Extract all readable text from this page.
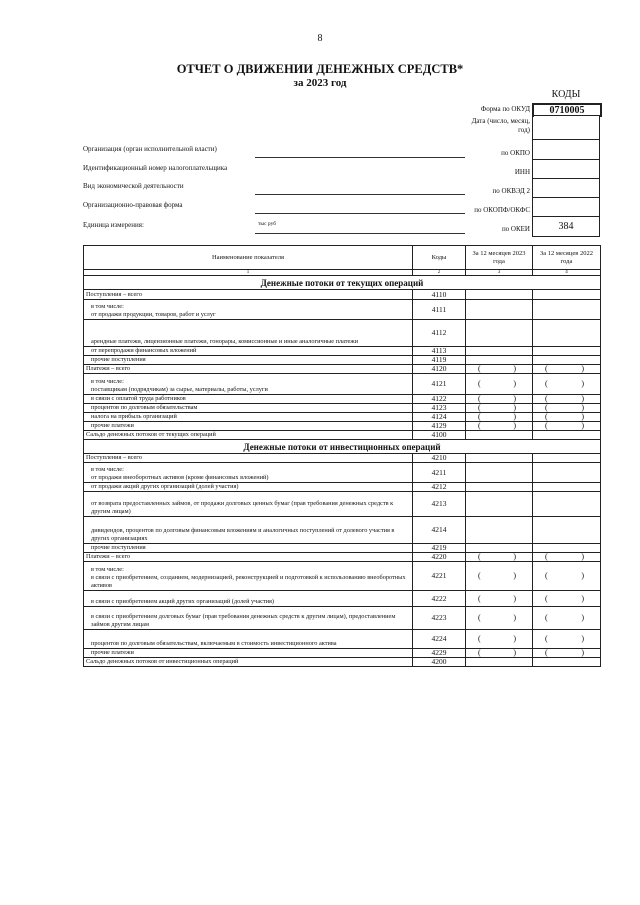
8
ОТЧЕТ О ДВИЖЕНИИ ДЕНЕЖНЫХ СРЕДСТВ*
за 2023 год
КОДЫ
Форма по ОКУД	0710005
Дата (число, месяц, год)
по ОКПО
ИНН
по ОКВЭД 2
по ОКОПФ/ОКФС
по ОКЕИ	384
Организация (орган исполнительной власти)
Идентификационный номер налогоплательщика
Вид экономической деятельности
Организационно-правовая форма
Единица измерения:	тыс руб
Наименование показателя	Коды	За 12 месяцев 2023 года	За 12 месяцев 2022 года
1	2	3	4
Денежные потоки от текущих операций			
Поступления – всего	4110		
в том числе:
от продажи продукции, товаров, работ и услуг	4111		
арендные платежи, лицензионные платежи, гонорары, комиссионные и иные аналогичные платежи	4112		
от перепродажи финансовых вложений	4113		
прочие поступления	4119		
Платежи – всего	4120	( )	( )

в том числе:
поставщикам (подрядчикам) за сырье, материалы, работы, услуги	4121	( )	( )

в связи с оплатой труда работников	4122	( )	( )

процентов по долговым обязательствам	4123	( )	( )

налога на прибыль организаций	4124	( )	( )

прочие платежи	4129	( )	( )

Сальдо денежных потоков от текущих операций	4100		
Денежные потоки от инвестиционных операций			
Поступления – всего	4210		
в том числе:
от продажи внеоборотных активов (кроме финансовых вложений)	4211		
от продажи акций других организаций (долей участия)	4212		
от возврата предоставленных займов, от продажи долговых ценных бумаг (прав требования денежных средств к другим лицам)	4213		
дивидендов, процентов по долговым финансовым вложениям и аналогичных поступлений от долевого участия в других организациях	4214		
прочие поступления	4219		
Платежи – всего	4220	( )	( )

в том числе:
в связи с приобретением, созданием, модернизацией, реконструкцией и подготовкой к использованию внеоборотных активов	4221	( )	( )

в связи с приобретением акций других организаций (долей участия)	4222	( )	( )

в связи с приобретением долговых бумаг (прав требования денежных средств к другим лицам), предоставлением займов другим лицам	4223	( )	( )

процентов по долговым обязательствам, включаемым в стоимость инвестиционного актива	4224	( )	( )

прочие платежи	4229	( )	( )

Сальдо денежных потоков от инвестиционных операций	4200		
